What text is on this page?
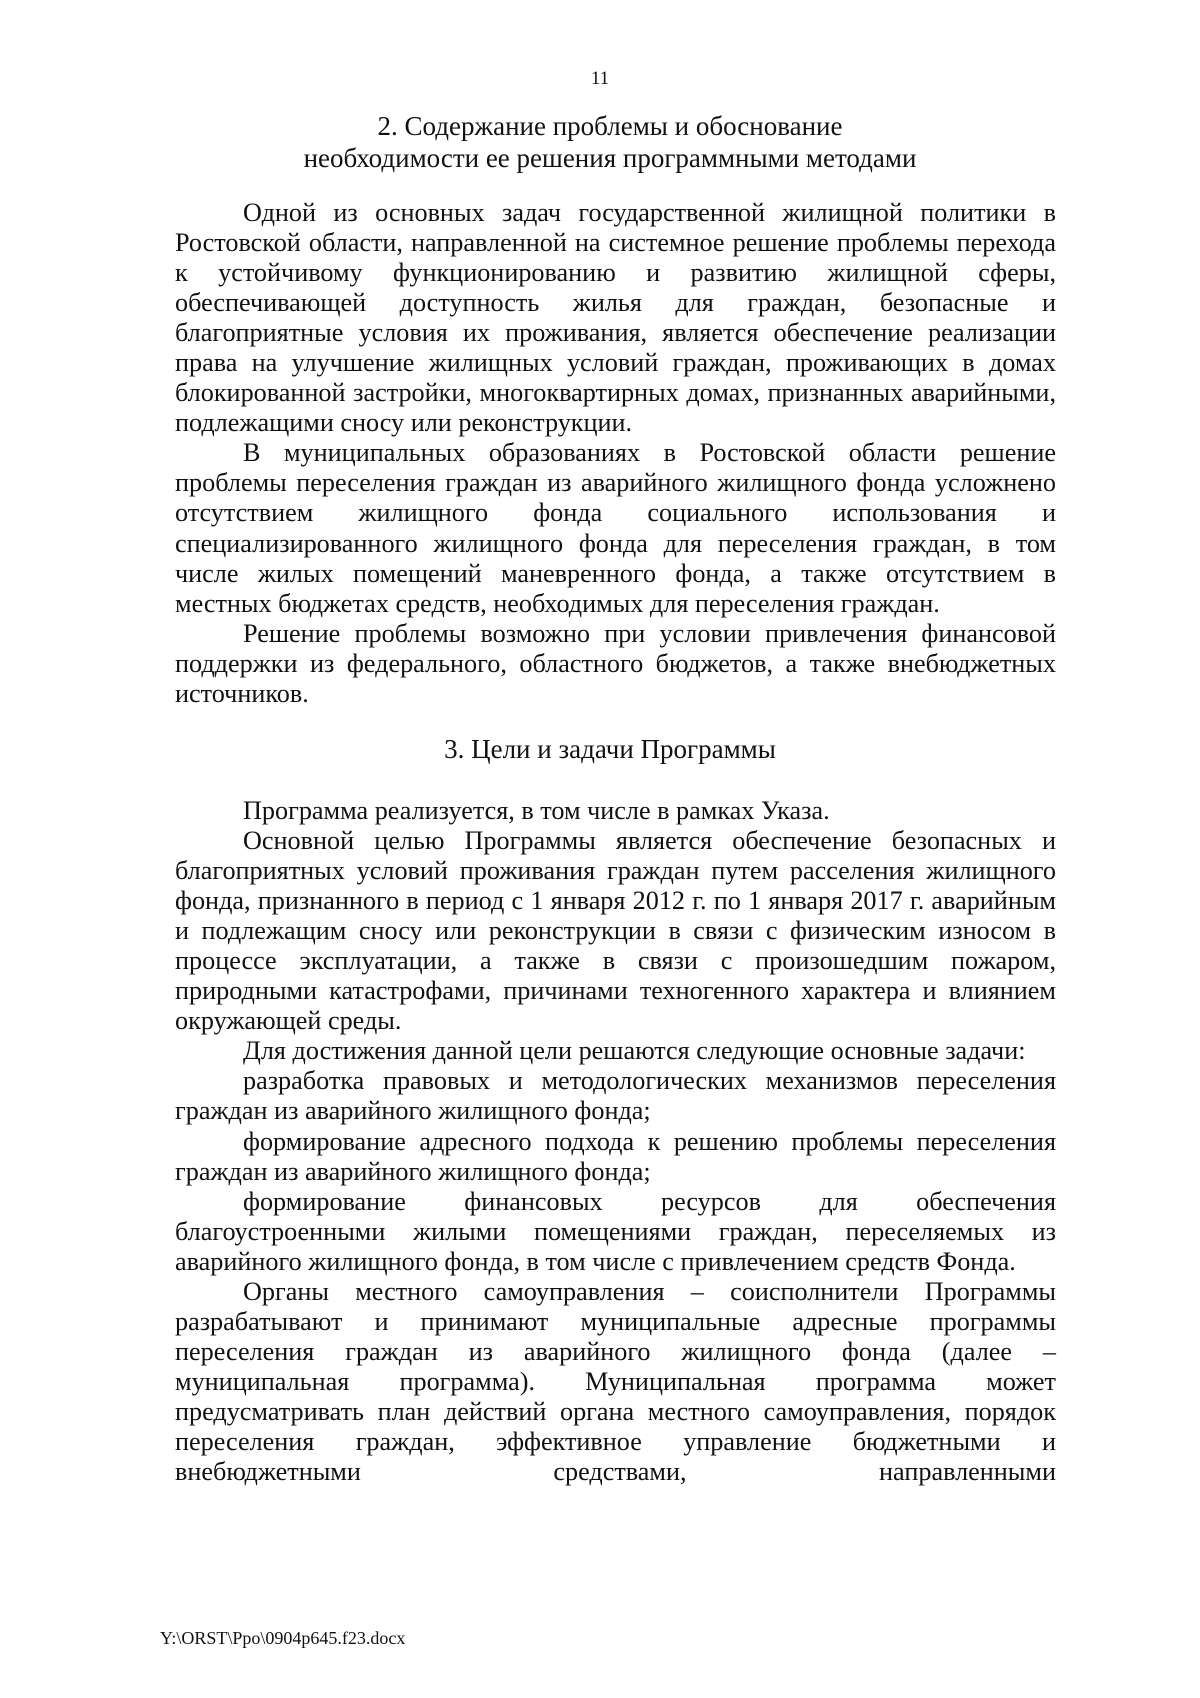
11
2. Содержание проблемы и обоснование
необходимости ее решения программными методами

Одной из основных задач государственной жилищной политики в Ростовской области, направленной на системное решение проблемы перехода к устойчивому функционированию и развитию жилищной сферы, обеспечивающей доступность жилья для граждан, безопасные и благоприятные условия их проживания, является обеспечение реализации права на улучшение жилищных условий граждан, проживающих в домах блокированной застройки, многоквартирных домах, признанных аварийными, подлежащими сносу или реконструкции.

В муниципальных образованиях в Ростовской области решение проблемы переселения граждан из аварийного жилищного фонда усложнено отсутствием жилищного фонда социального использования и специализированного жилищного фонда для переселения граждан, в том числе жилых помещений маневренного фонда, а также отсутствием в местных бюджетах средств, необходимых для переселения граждан.

Решение проблемы возможно при условии привлечения финансовой поддержки из федерального, областного бюджетов, а также внебюджетных источников.

3. Цели и задачи Программы

Программа реализуется, в том числе в рамках Указа.

Основной целью Программы является обеспечение безопасных и благоприятных условий проживания граждан путем расселения жилищного фонда, признанного в период с 1 января 2012 г. по 1 января 2017 г. аварийным и подлежащим сносу или реконструкции в связи с физическим износом в процессе эксплуатации, а также в связи с произошедшим пожаром, природными катастрофами, причинами техногенного характера и влиянием окружающей среды.

Для достижения данной цели решаются следующие основные задачи:

разработка правовых и методологических механизмов переселения граждан из аварийного жилищного фонда;

формирование адресного подхода к решению проблемы переселения граждан из аварийного жилищного фонда;

формирование финансовых ресурсов для обеспечения благоустроенными жилыми помещениями граждан, переселяемых из аварийного жилищного фонда, в том числе с привлечением средств Фонда.

Органы местного самоуправления – соисполнители Программы разрабатывают и принимают муниципальные адресные программы переселения граждан из аварийного жилищного фонда (далее – муниципальная программа). Муниципальная программа может предусматривать план действий органа местного самоуправления, порядок переселения граждан, эффективное управление бюджетными и внебюджетными средствами, направленными

Y:\ORST\Ppo\0904p645.f23.docx
